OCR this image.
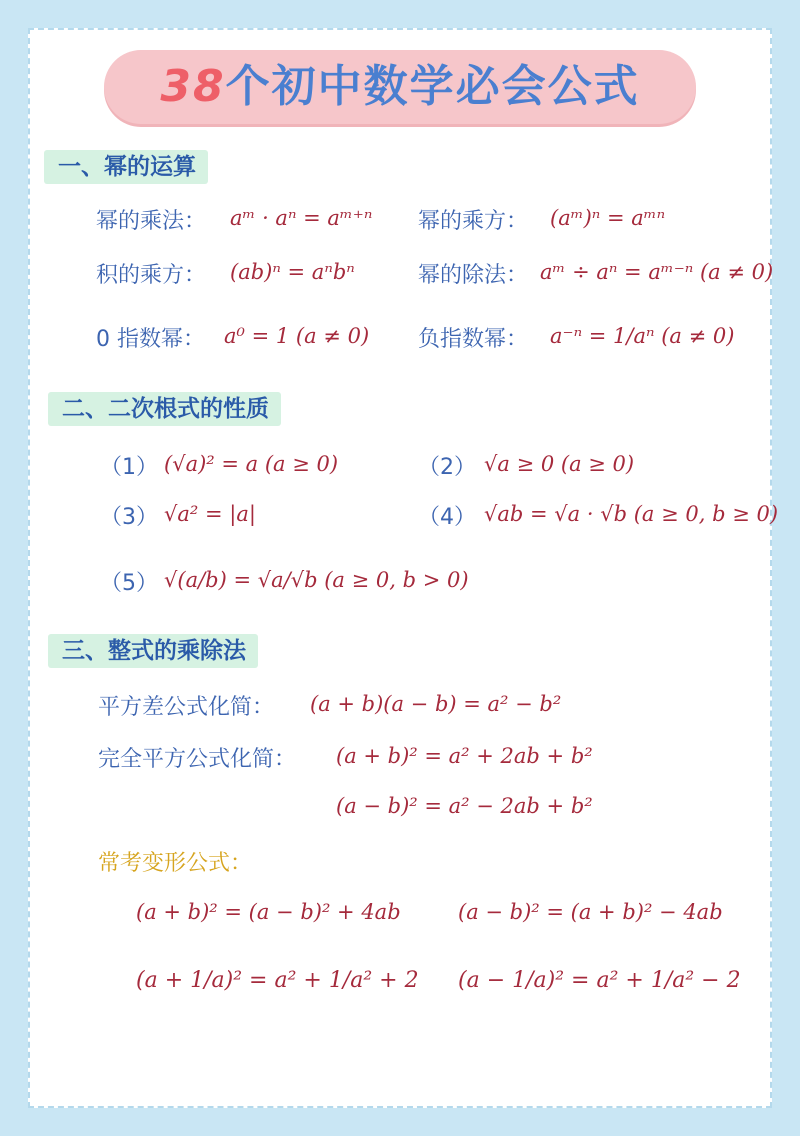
38个初中数学必会公式
一、幂的运算
幂的乘法： aᵐ · aⁿ = aᵐ⁺ⁿ 幂的乘方： (aᵐ)ⁿ = aᵐⁿ
积的乘方： (ab)ⁿ = aⁿbⁿ	幂的除法： aᵐ ÷ aⁿ = aᵐ⁻ⁿ (a ≠ 0)
0 指数幂： a⁰ = 1 (a ≠ 0) 负指数幂： a⁻ⁿ = 1/aⁿ (a ≠ 0)
二、二次根式的性质
（1） (√a)² = a (a ≥ 0)	（2） √a ≥ 0 (a ≥ 0)
（3） √a² = |a|	（4） √ab = √a · √b (a ≥ 0, b ≥ 0)
（5） √(a/b) = √a/√b (a ≥ 0, b > 0)
三、整式的乘除法
平方差公式化简： (a + b)(a − b) = a² − b²
完全平方公式化简： (a + b)² = a² + 2ab + b²
(a − b)² = a² − 2ab + b²
常考变形公式：
(a + b)² = (a − b)² + 4ab	(a − b)² = (a + b)² − 4ab
(a + 1/a)² = a² + 1/a² + 2 (a − 1/a)² = a² + 1/a² − 2
